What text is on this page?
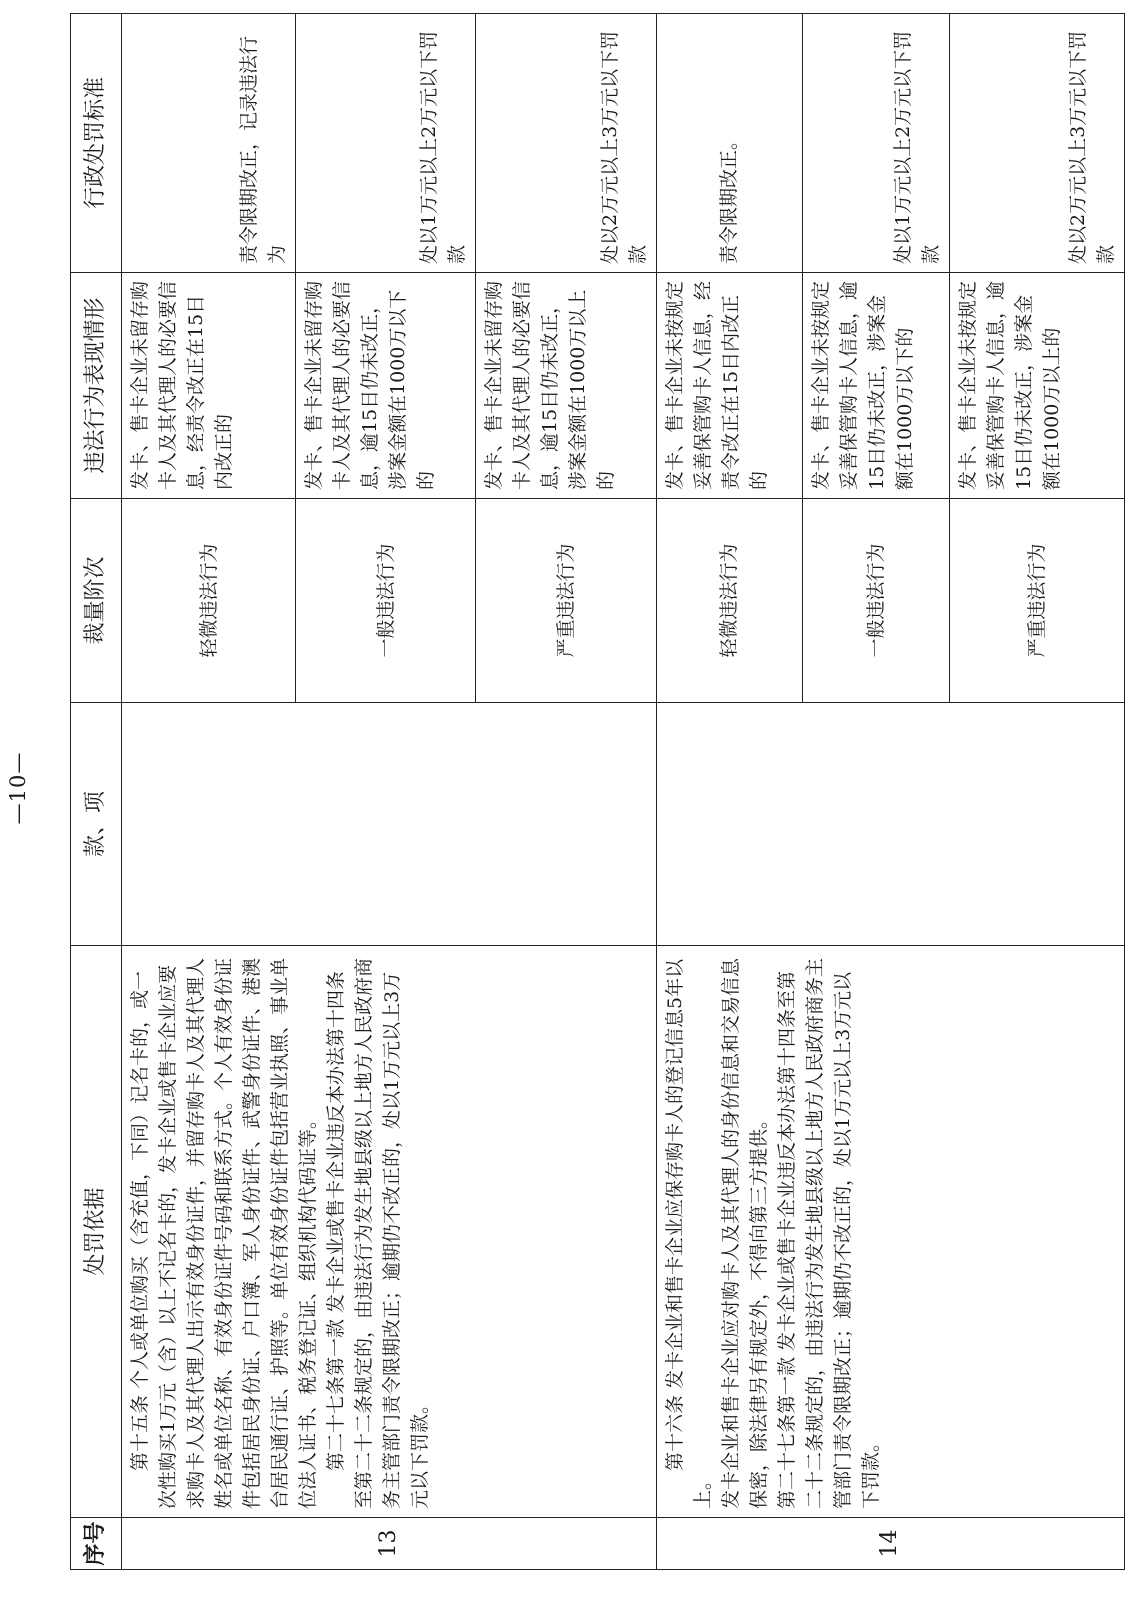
—10—
序号	处罚依据	款、项	裁量阶次	违法行为表现情形	行政处罚标准
13	第十五条 个人或单位购买（含充值，下同）记名卡的，或一次性购买1万元（含）以上不记名卡的，发卡企业或售卡企业应要求购卡人及其代理人出示有效身份证件，并留存购卡人及其代理人姓名或单位名称、有效身份证件号码和联系方式。个人有效身份证件包括居民身份证、户口簿、军人身份证件、武警身份证件、港澳台居民通行证、护照等。单位有效身份证件包括营业执照、事业单位法人证书、税务登记证、组织机构代码证等。 第二十七条第一款 发卡企业或售卡企业违反本办法第十四条至第二十二条规定的，由违法行为发生地县级以上地方人民政府商务主管部门责令限期改正；逾期仍不改正的，处以1万元以上3万元以下罚款。		轻微违法行为	发卡、售卡企业未留存购卡人及其代理人的必要信息，经责令改正在15日内改正的	责令限期改正，记录违法行为
			一般违法行为	发卡、售卡企业未留存购卡人及其代理人的必要信息，逾15日仍未改正，涉案金额在1000万以下的	处以1万元以上2万元以下罚款
			严重违法行为	发卡、售卡企业未留存购卡人及其代理人的必要信息，逾15日仍未改正，涉案金额在1000万以上的	处以2万元以上3万元以下罚款
14	第十六条 发卡企业和售卡企业应保存购卡人的登记信息5年以上。 发卡企业和售卡企业应对购卡人及其代理人的身份信息和交易信息保密，除法律另有规定外，不得向第三方提供。 第二十七条第一款 发卡企业或售卡企业违反本办法第十四条至第二十二条规定的，由违法行为发生地县级以上地方人民政府商务主管部门责令限期改正；逾期仍不改正的，处以1万元以上3万元以下罚款。		轻微违法行为	发卡、售卡企业未按规定妥善保管购卡人信息，经责令改正在15日内改正的	责令限期改正。
			一般违法行为	发卡、售卡企业未按规定妥善保管购卡人信息，逾15日仍未改正，涉案金额在1000万以下的	处以1万元以上2万元以下罚款
			严重违法行为	发卡、售卡企业未按规定妥善保管购卡人信息，逾15日仍未改正，涉案金额在1000万以上的	处以2万元以上3万元以下罚款
